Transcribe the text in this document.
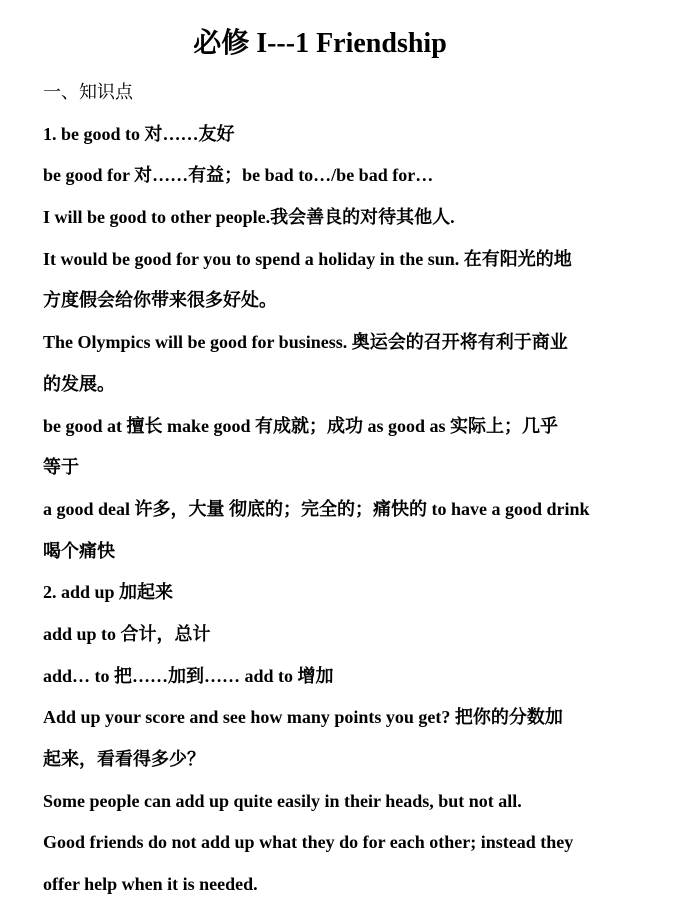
必修 I---1 Friendship
一、知识点
1. be good to 对……友好
be good for 对……有益；be bad to…/be bad for…
I will be good to other people.我会善良的对待其他人.
It would be good for you to spend a holiday in the sun. 在有阳光的地
方度假会给你带来很多好处。
The Olympics will be good for business. 奥运会的召开将有利于商业
的发展。
be good at 擅长 make good 有成就；成功 as good as 实际上；几乎
等于
a good deal 许多，大量 彻底的；完全的；痛快的 to have a good drink
喝个痛快
2. add up 加起来
add up to 合计，总计
add… to 把……加到…… add to 增加
Add up your score and see how many points you get? 把你的分数加
起来，看看得多少？
Some people can add up quite easily in their heads, but not all.
Good friends do not add up what they do for each other; instead they
offer help when it is needed.
